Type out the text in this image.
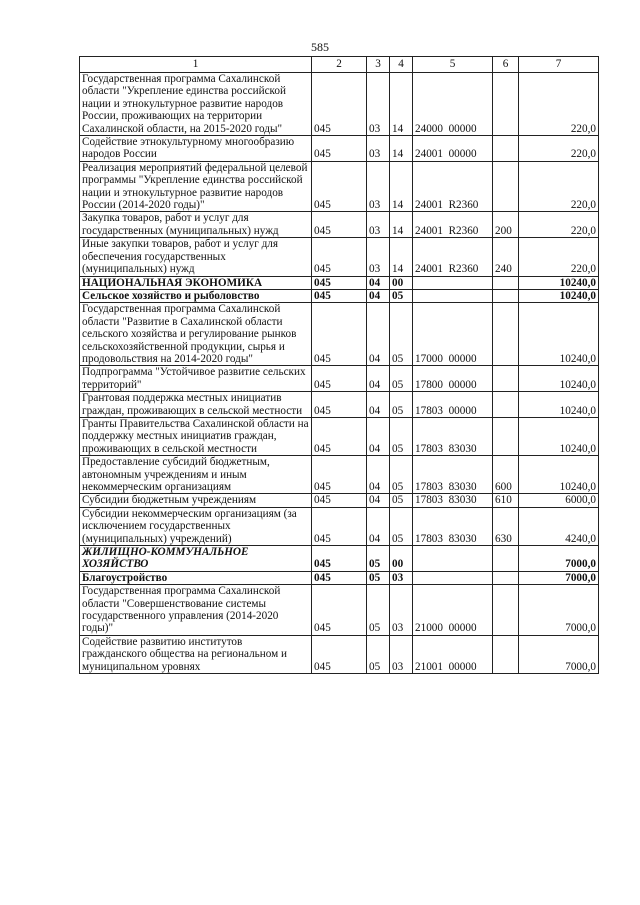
585
1	2	3	4	5	6	7
Государственная программа Сахалинской области "Укрепление единства российской нации и этнокультурное развитие народов России, проживающих на территории Сахалинской области, на 2015-2020 годы"	045	03	14	24000  00000		220,0
Содействие этнокультурному многообразию народов России	045	03	14	24001  00000		220,0
Реализация мероприятий федеральной целевой программы "Укрепление единства российской нации и этнокультурное развитие народов России (2014-2020 годы)"	045	03	14	24001  R2360		220,0
Закупка товаров, работ и услуг для государственных (муниципальных) нужд	045	03	14	24001  R2360	200	220,0
Иные закупки товаров, работ и услуг для обеспечения государственных (муниципальных) нужд	045	03	14	24001  R2360	240	220,0
НАЦИОНАЛЬНАЯ ЭКОНОМИКА	045	04	00			10240,0
Сельское хозяйство и рыболовство	045	04	05			10240,0
Государственная программа Сахалинской области "Развитие в Сахалинской области сельского хозяйства и регулирование рынков сельскохозяйственной продукции, сырья и продовольствия на 2014-2020 годы"	045	04	05	17000  00000		10240,0
Подпрограмма "Устойчивое развитие сельских территорий"	045	04	05	17800  00000		10240,0
Грантовая поддержка местных инициатив граждан, проживающих в сельской местности	045	04	05	17803  00000		10240,0
Гранты Правительства Сахалинской области на поддержку местных инициатив граждан, проживающих в сельской местности	045	04	05	17803  83030		10240,0
Предоставление субсидий бюджетным, автономным учреждениям и иным некоммерческим организациям	045	04	05	17803  83030	600	10240,0
Субсидии бюджетным учреждениям	045	04	05	17803  83030	610	6000,0
Субсидии некоммерческим организациям (за исключением государственных (муниципальных) учреждений)	045	04	05	17803  83030	630	4240,0
ЖИЛИЩНО-КОММУНАЛЬНОЕ ХОЗЯЙСТВО	045	05	00			7000,0
Благоустройство	045	05	03			7000,0
Государственная программа Сахалинской области "Совершенствование системы государственного управления (2014-2020 годы)"	045	05	03	21000  00000		7000,0
Содействие развитию институтов гражданского общества на региональном и муниципальном уровнях	045	05	03	21001  00000		7000,0
